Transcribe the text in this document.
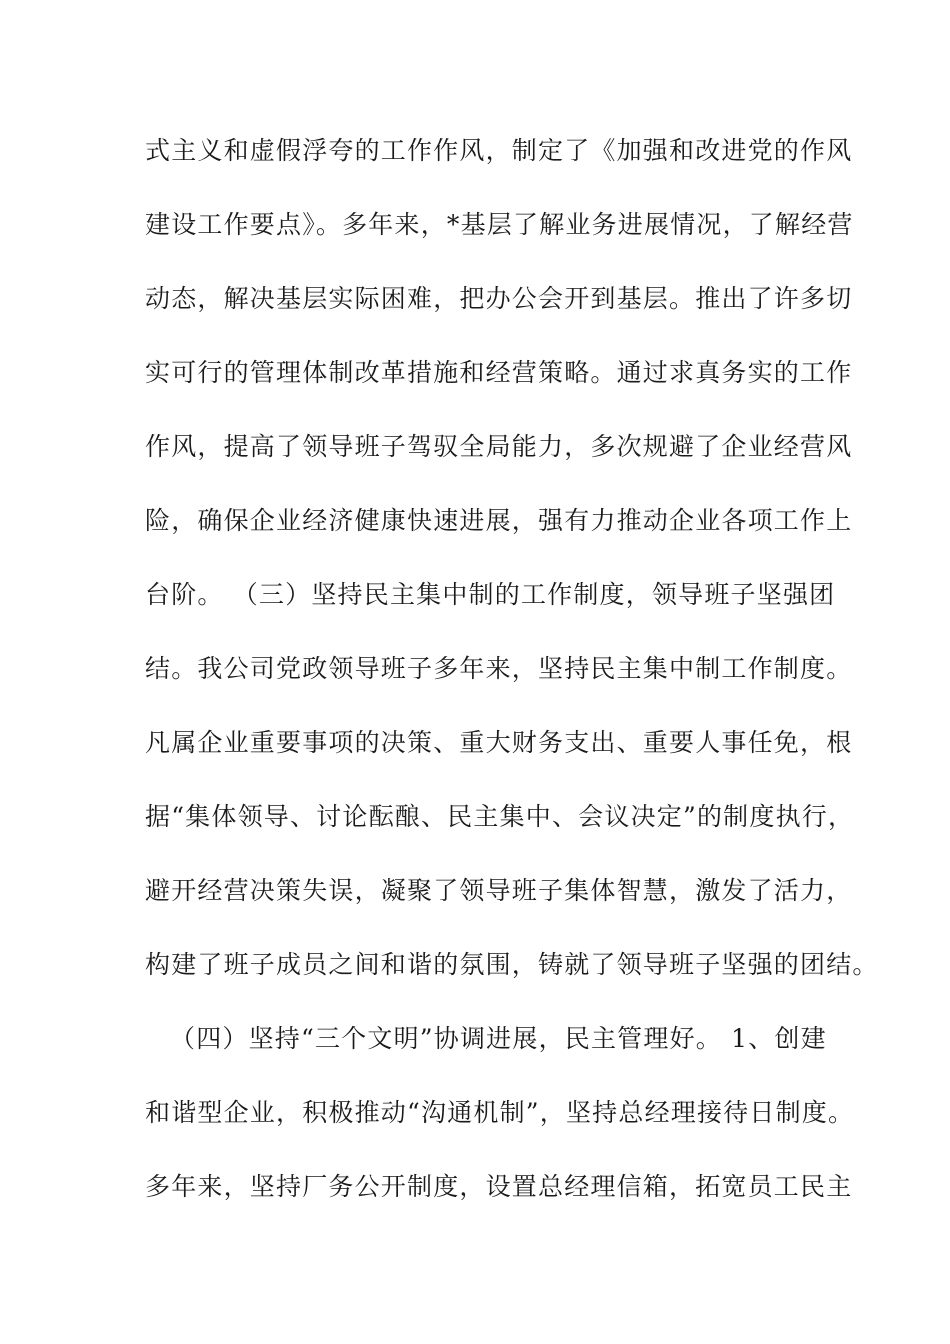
式主义和虚假浮夸的工作作风，制定了《加强和改进党的作风
建设工作要点》。多年来，*基层了解业务进展情况，了解经营
动态，解决基层实际困难，把办公会开到基层。推出了许多切
实可行的管理体制改革措施和经营策略。通过求真务实的工作
作风，提高了领导班子驾驭全局能力，多次规避了企业经营风
险，确保企业经济健康快速进展，强有力推动企业各项工作上
台阶。 （三）坚持民主集中制的工作制度，领导班子坚强团
结。我公司党政领导班子多年来，坚持民主集中制工作制度。
凡属企业重要事项的决策、重大财务支出、重要人事任免，根
据“集体领导、讨论酝酿、民主集中、会议决定”的制度执行，
避开经营决策失误，凝聚了领导班子集体智慧，激发了活力，
构建了班子成员之间和谐的氛围，铸就了领导班子坚强的团结。
（四）坚持“三个文明”协调进展，民主管理好。 1、创建
和谐型企业，积极推动“沟通机制”，坚持总经理接待日制度。
多年来，坚持厂务公开制度，设置总经理信箱，拓宽员工民主
